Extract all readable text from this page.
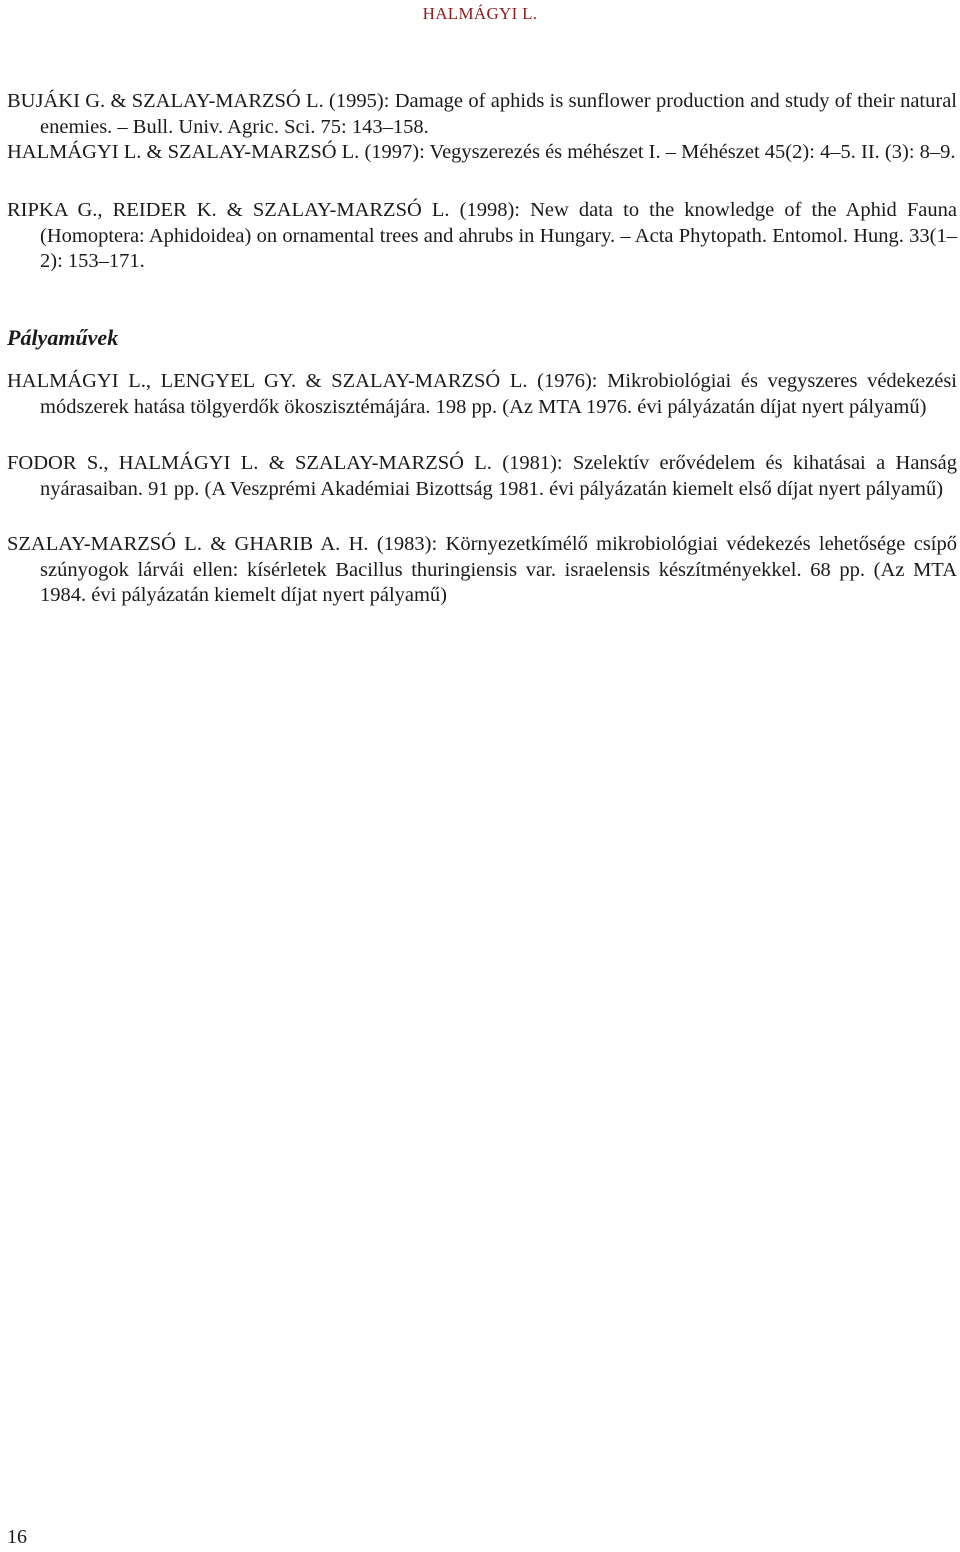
HALMÁGYI L.

BUJÁKI G. & SZALAY-MARZSÓ L. (1995): Damage of aphids is sunflower production and study of their natural enemies. – Bull. Univ. Agric. Sci. 75: 143–158.

HALMÁGYI L. & SZALAY-MARZSÓ L. (1997): Vegyszerezés és méhészet I. – Méhészet 45(2): 4–5. II. (3): 8–9.

RIPKA G., REIDER K. & SZALAY-MARZSÓ L. (1998): New data to the knowledge of the Aphid Fauna (Homoptera: Aphidoidea) on ornamental trees and ahrubs in Hungary. – Acta Phytopath. Entomol. Hung. 33(1–2): 153–171.

Pályaművek

HALMÁGYI L., LENGYEL GY. & SZALAY-MARZSÓ L. (1976): Mikrobiológiai és vegyszeres védekezési módszerek hatása tölgyerdők ökoszisztémájára. 198 pp. (Az MTA 1976. évi pályázatán díjat nyert pályamű)

FODOR S., HALMÁGYI L. & SZALAY-MARZSÓ L. (1981): Szelektív erővédelem és kihatásai a Hanság nyárasaiban. 91 pp. (A Veszprémi Akadémiai Bizottság 1981. évi pályázatán kiemelt első díjat nyert pályamű)

SZALAY-MARZSÓ L. & GHARIB A. H. (1983): Környezetkímélő mikrobiológiai védekezés lehetősége csípő szúnyogok lárvái ellen: kísérletek Bacillus thuringiensis var. israelensis készítményekkel. 68 pp. (Az MTA 1984. évi pályázatán kiemelt díjat nyert pályamű)

16
